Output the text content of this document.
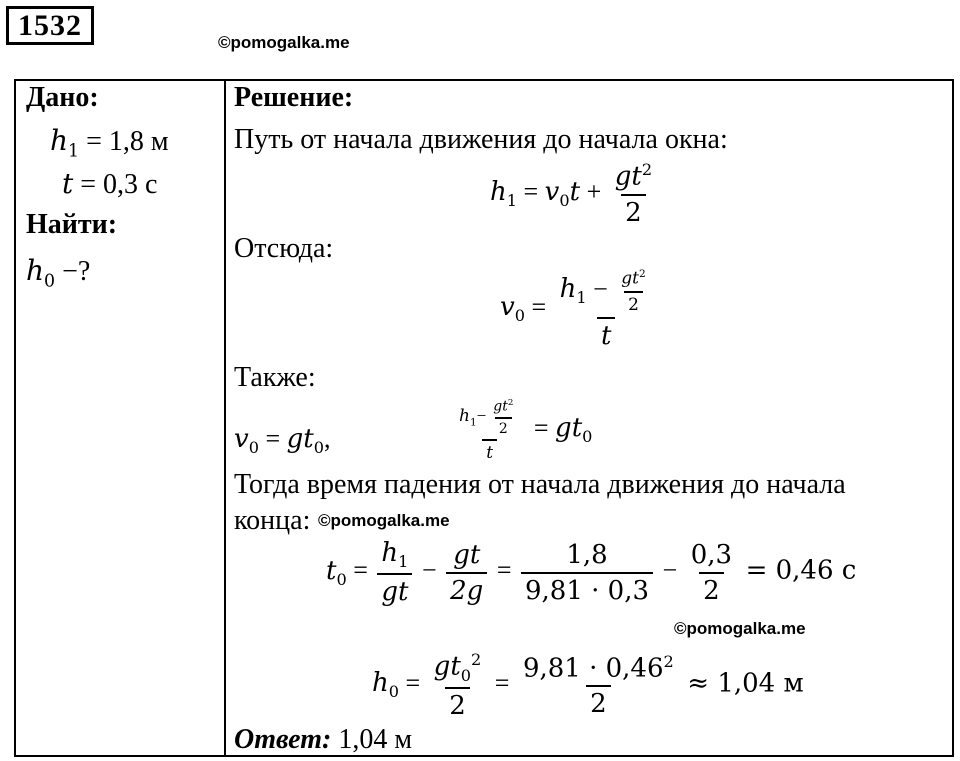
1532
©pomogalka.me
Дано:
$h_1 = 1,8$ м
t = 0,3 с
Найти:
$h_0$ −?
Решение:
Путь от начала движения до начала окна:
$h_1 = v_0t + \frac{gt^2}{2}$
Отсюда:
$v_0 = \frac{h_1 - \frac{gt^2}{2}}{t}$
Также:
$v_0 = gt_0$,	$\frac{h_1- \frac{gt^2}{2}}{t} = gt_0$
Тогда время падения от начала движения до начала
конца: ©pomogalka.me
$t_0 = \frac{h_1}{gt} - \frac{gt}{2g} = \frac{1,8}{9,81 \cdot 0,3} - \frac{0,3}{2} = 0,46$ с
©pomogalka.me
$h_0 = \frac{gt_0^2}{2} = \frac{9,81 \cdot 0,46^2}{2} \approx 1,04$ м
Ответ: 1,04 м
